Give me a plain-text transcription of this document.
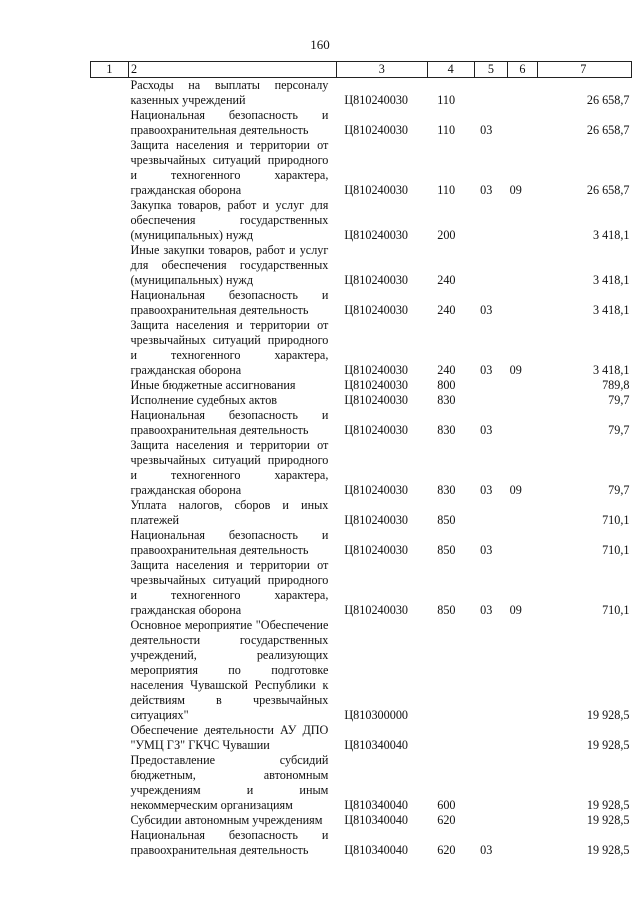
160
1	2	3	4	5	6	7
	Расходы на выплаты персоналу казенных учреждений	Ц810240030	110			26 658,7
	Национальная безопасность и правоохранительная деятельность	Ц810240030	110	03		26 658,7
	Защита населения и территории от чрезвычайных ситуаций природного и техногенного характера, гражданская оборона	Ц810240030	110	03	09	26 658,7
	Закупка товаров, работ и услуг для обеспечения государственных (муниципальных) нужд	Ц810240030	200			3 418,1
	Иные закупки товаров, работ и услуг для обеспечения государственных (муниципальных) нужд	Ц810240030	240			3 418,1
	Национальная безопасность и правоохранительная деятельность	Ц810240030	240	03		3 418,1
	Защита населения и территории от чрезвычайных ситуаций природного и техногенного характера, гражданская оборона	Ц810240030	240	03	09	3 418,1
	Иные бюджетные ассигнования	Ц810240030	800			789,8
	Исполнение судебных актов	Ц810240030	830			79,7
	Национальная безопасность и правоохранительная деятельность	Ц810240030	830	03		79,7
	Защита населения и территории от чрезвычайных ситуаций природного и техногенного характера, гражданская оборона	Ц810240030	830	03	09	79,7
	Уплата налогов, сборов и иных платежей	Ц810240030	850			710,1
	Национальная безопасность и правоохранительная деятельность	Ц810240030	850	03		710,1
	Защита населения и территории от чрезвычайных ситуаций природного и техногенного характера, гражданская оборона	Ц810240030	850	03	09	710,1
	Основное мероприятие "Обеспечение деятельности государственных учреждений, реализующих мероприятия по подготовке населения Чувашской Республики к действиям в чрезвычайных ситуациях"	Ц810300000				19 928,5
	Обеспечение деятельности АУ ДПО "УМЦ ГЗ" ГКЧС Чувашии	Ц810340040				19 928,5
	Предоставление субсидий бюджетным, автономным учреждениям и иным некоммерческим организациям	Ц810340040	600			19 928,5
	Субсидии автономным учреждениям	Ц810340040	620			19 928,5
	Национальная безопасность и правоохранительная деятельность	Ц810340040	620	03		19 928,5
